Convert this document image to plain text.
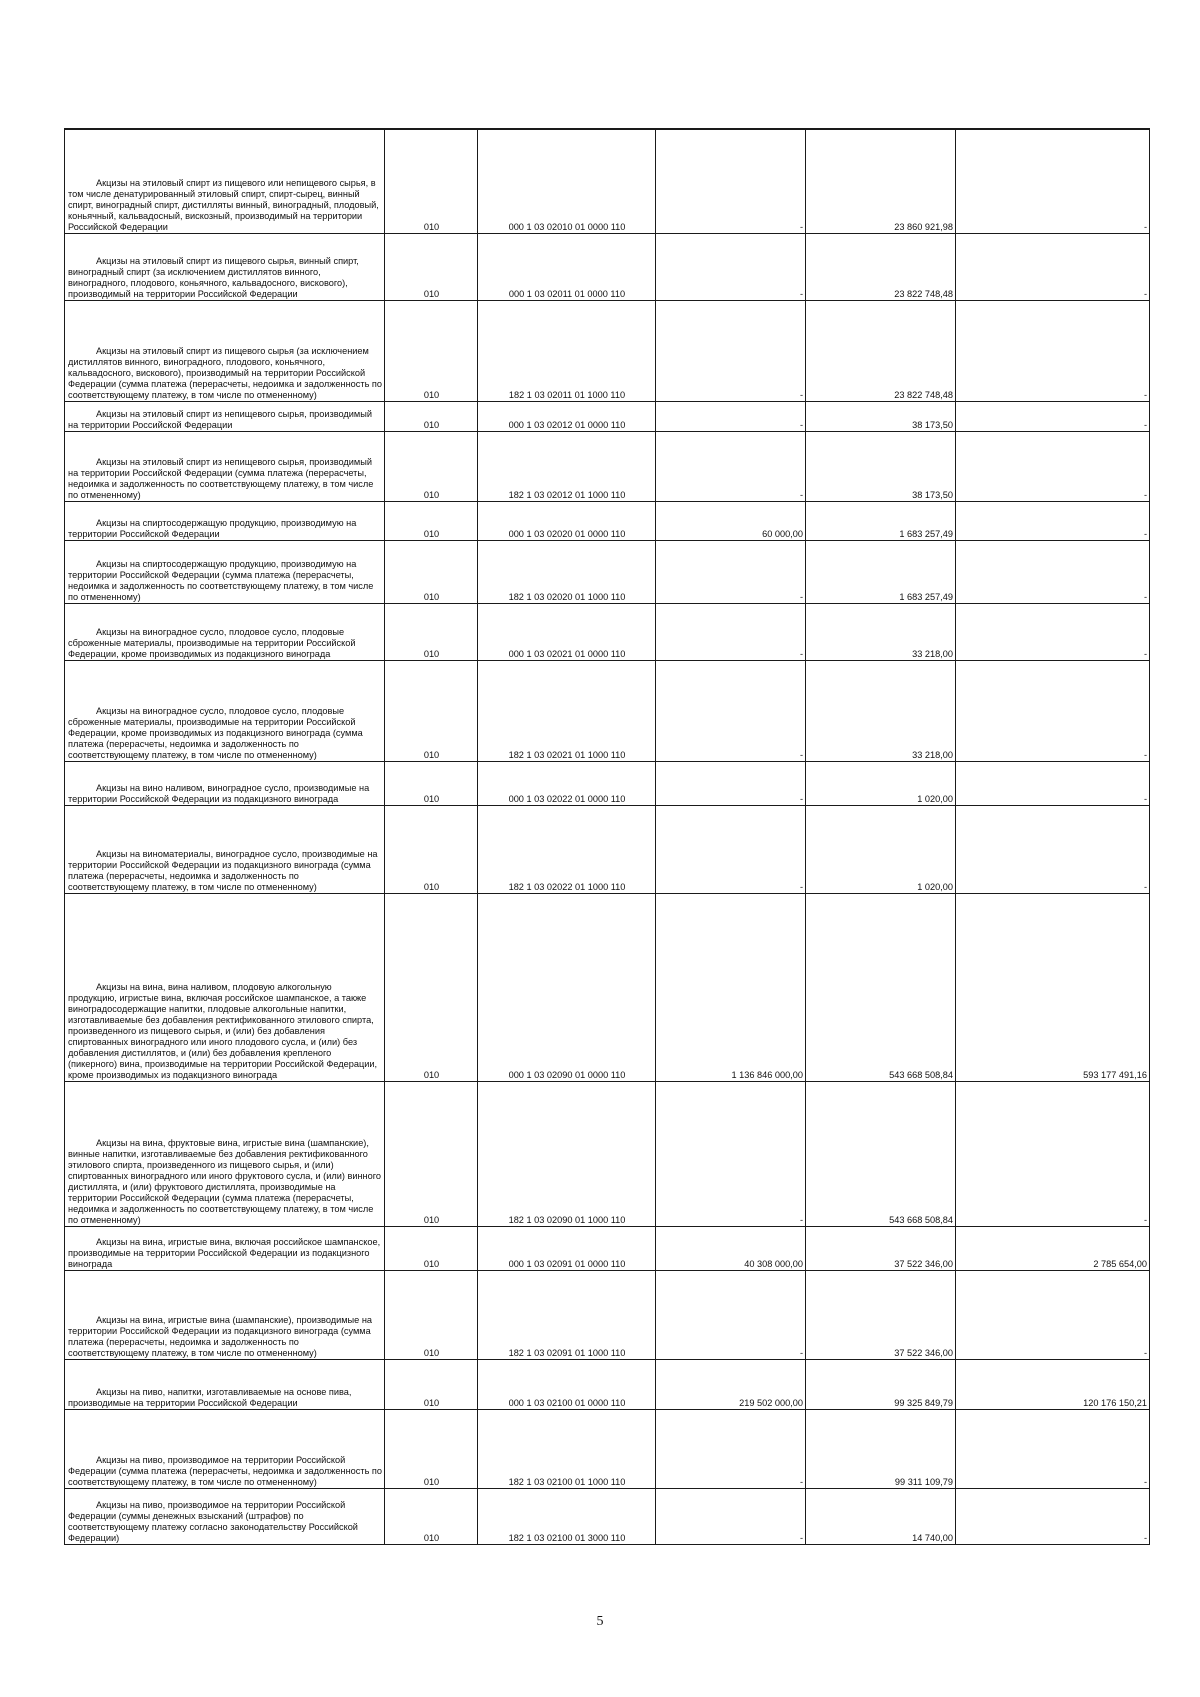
Акцизы на этиловый спирт из пищевого или непищевого сырья, в том числе денатурированный этиловый спирт, спирт-сырец, винный спирт, виноградный спирт, дистилляты винный, виноградный, плодовый, коньячный, кальвадосный, вискозный, производимый на территории Российской Федерации	010	000 1 03 02010 01 0000 110	-	23 860 921,98	-
Акцизы на этиловый спирт из пищевого сырья, винный спирт, виноградный спирт (за исключением дистиллятов винного, виноградного, плодового, коньячного, кальвадосного, вискового), производимый на территории Российской Федерации	010	000 1 03 02011 01 0000 110	-	23 822 748,48	-
Акцизы на этиловый спирт из пищевого сырья (за исключением дистиллятов винного, виноградного, плодового, коньячного, кальвадосного, вискового), производимый на территории Российской Федерации (сумма платежа (перерасчеты, недоимка и задолженность по соответствующему платежу, в том числе по отмененному)	010	182 1 03 02011 01 1000 110	-	23 822 748,48	-
Акцизы на этиловый спирт из непищевого сырья, производимый на территории Российской Федерации	010	000 1 03 02012 01 0000 110	-	38 173,50	-
Акцизы на этиловый спирт из непищевого сырья, производимый на территории Российской Федерации (сумма платежа (перерасчеты, недоимка и задолженность по соответствующему платежу, в том числе по отмененному)	010	182 1 03 02012 01 1000 110	-	38 173,50	-
Акцизы на спиртосодержащую продукцию, производимую на территории Российской Федерации	010	000 1 03 02020 01 0000 110	60 000,00	1 683 257,49	-
Акцизы на спиртосодержащую продукцию, производимую на территории Российской Федерации (сумма платежа (перерасчеты, недоимка и задолженность по соответствующему платежу, в том числе по отмененному)	010	182 1 03 02020 01 1000 110	-	1 683 257,49	-
Акцизы на виноградное сусло, плодовое сусло, плодовые сброженные материалы, производимые на территории Российской Федерации, кроме производимых из подакцизного винограда	010	000 1 03 02021 01 0000 110	-	33 218,00	-
Акцизы на виноградное сусло, плодовое сусло, плодовые сброженные материалы, производимые на территории Российской Федерации, кроме производимых из подакцизного винограда (сумма платежа (перерасчеты, недоимка и задолженность по соответствующему платежу, в том числе по отмененному)	010	182 1 03 02021 01 1000 110	-	33 218,00	-
Акцизы на вино наливом, виноградное сусло, производимые на территории Российской Федерации из подакцизного винограда	010	000 1 03 02022 01 0000 110	-	1 020,00	-
Акцизы на виноматериалы, виноградное сусло, производимые на территории Российской Федерации из подакцизного винограда (сумма платежа (перерасчеты, недоимка и задолженность по соответствующему платежу, в том числе по отмененному)	010	182 1 03 02022 01 1000 110	-	1 020,00	-
Акцизы на вина, вина наливом, плодовую алкогольную продукцию, игристые вина, включая российское шампанское, а также виноградосодержащие напитки, плодовые алкогольные напитки, изготавливаемые без добавления ректификованного этилового спирта, произведенного из пищевого сырья, и (или) без добавления спиртованных виноградного или иного плодового сусла, и (или) без добавления дистиллятов, и (или) без добавления крепленого (пикерного) вина, производимые на территории Российской Федерации, кроме производимых из подакцизного винограда	010	000 1 03 02090 01 0000 110	1 136 846 000,00	543 668 508,84	593 177 491,16
Акцизы на вина, фруктовые вина, игристые вина (шампанские), винные напитки, изготавливаемые без добавления ректификованного этилового спирта, произведенного из пищевого сырья, и (или) спиртованных виноградного или иного фруктового сусла, и (или) винного дистиллята, и (или) фруктового дистиллята, производимые на территории Российской Федерации (сумма платежа (перерасчеты, недоимка и задолженность по соответствующему платежу, в том числе по отмененному)	010	182 1 03 02090 01 1000 110	-	543 668 508,84	-
Акцизы на вина, игристые вина, включая российское шампанское, производимые на территории Российской Федерации из подакцизного винограда	010	000 1 03 02091 01 0000 110	40 308 000,00	37 522 346,00	2 785 654,00
Акцизы на вина, игристые вина (шампанские), производимые на территории Российской Федерации из подакцизного винограда (сумма платежа (перерасчеты, недоимка и задолженность по соответствующему платежу, в том числе по отмененному)	010	182 1 03 02091 01 1000 110	-	37 522 346,00	-
Акцизы на пиво, напитки, изготавливаемые на основе пива, производимые на территории Российской Федерации	010	000 1 03 02100 01 0000 110	219 502 000,00	99 325 849,79	120 176 150,21
Акцизы на пиво, производимое на территории Российской Федерации (сумма платежа (перерасчеты, недоимка и задолженность по соответствующему платежу, в том числе по отмененному)	010	182 1 03 02100 01 1000 110	-	99 311 109,79	-
Акцизы на пиво, производимое на территории Российской Федерации (суммы денежных взысканий (штрафов) по соответствующему платежу согласно законодательству Российской Федерации)	010	182 1 03 02100 01 3000 110	-	14 740,00	-
5
